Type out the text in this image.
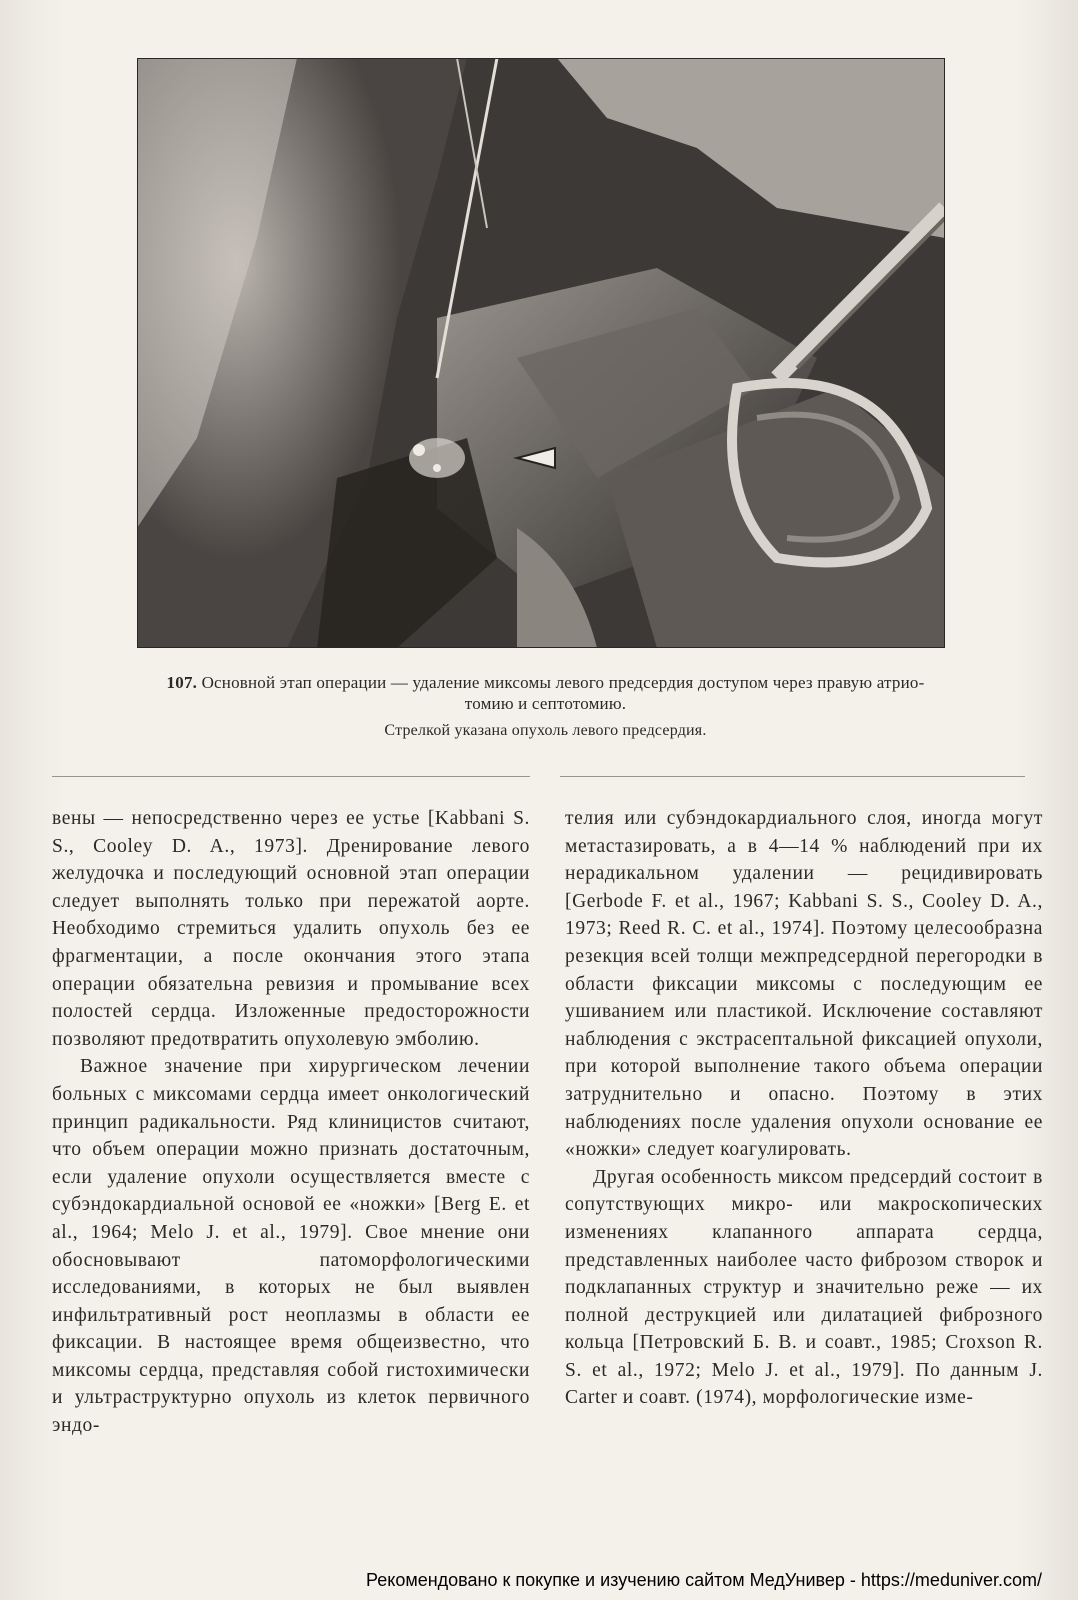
107. Основной этап операции — удаление миксомы левого предсердия доступом через правую атрио-
томию и септотомию.
Стрелкой указана опухоль левого предсердия.

вены — непосредственно через ее устье [Kabbani S. S., Cooley D. A., 1973]. Дренирование левого желудочка и последующий основной этап операции следует выполнять только при пережатой аорте. Необходимо стремиться удалить опухоль без ее фрагментации, а после окончания этого этапа операции обязательна ревизия и промывание всех полостей сердца. Изложенные предосторожности позволяют предотвратить опухолевую эмболию.

Важное значение при хирургическом лечении больных с миксомами сердца имеет онкологический принцип радикальности. Ряд клиницистов считают, что объем операции можно признать достаточным, если удаление опухоли осуществляется вместе с субэндокардиальной основой ее «ножки» [Berg E. et al., 1964; Melo J. et al., 1979]. Свое мнение они обосновывают патоморфологическими исследованиями, в которых не был выявлен инфильтративный рост неоплазмы в области ее фиксации. В настоящее время общеизвестно, что миксомы сердца, представляя собой гистохимически и ультраструктурно опухоль из клеток первичного эндо-

телия или субэндокардиального слоя, иногда могут метастазировать, а в 4—14 % наблюдений при их нерадикальном удалении — рецидивировать [Gerbode F. et al., 1967; Kabbani S. S., Cooley D. A., 1973; Reed R. C. et al., 1974]. Поэтому целесообразна резекция всей толщи межпредсердной перегородки в области фиксации миксомы с последующим ее ушиванием или пластикой. Исключение составляют наблюдения с экстрасептальной фиксацией опухоли, при которой выполнение такого объема операции затруднительно и опасно. Поэтому в этих наблюдениях после удаления опухоли основание ее «ножки» следует коагулировать.

Другая особенность миксом предсердий состоит в сопутствующих микро- или макроскопических изменениях клапанного аппарата сердца, представленных наиболее часто фиброзом створок и подклапанных структур и значительно реже — их полной деструкцией или дилатацией фиброзного кольца [Петровский Б. В. и соавт., 1985; Croxson R. S. et al., 1972; Melo J. et al., 1979]. По данным J. Carter и соавт. (1974), морфологические изме-

Рекомендовано к покупке и изучению сайтом МедУнивер - https://meduniver.com/
